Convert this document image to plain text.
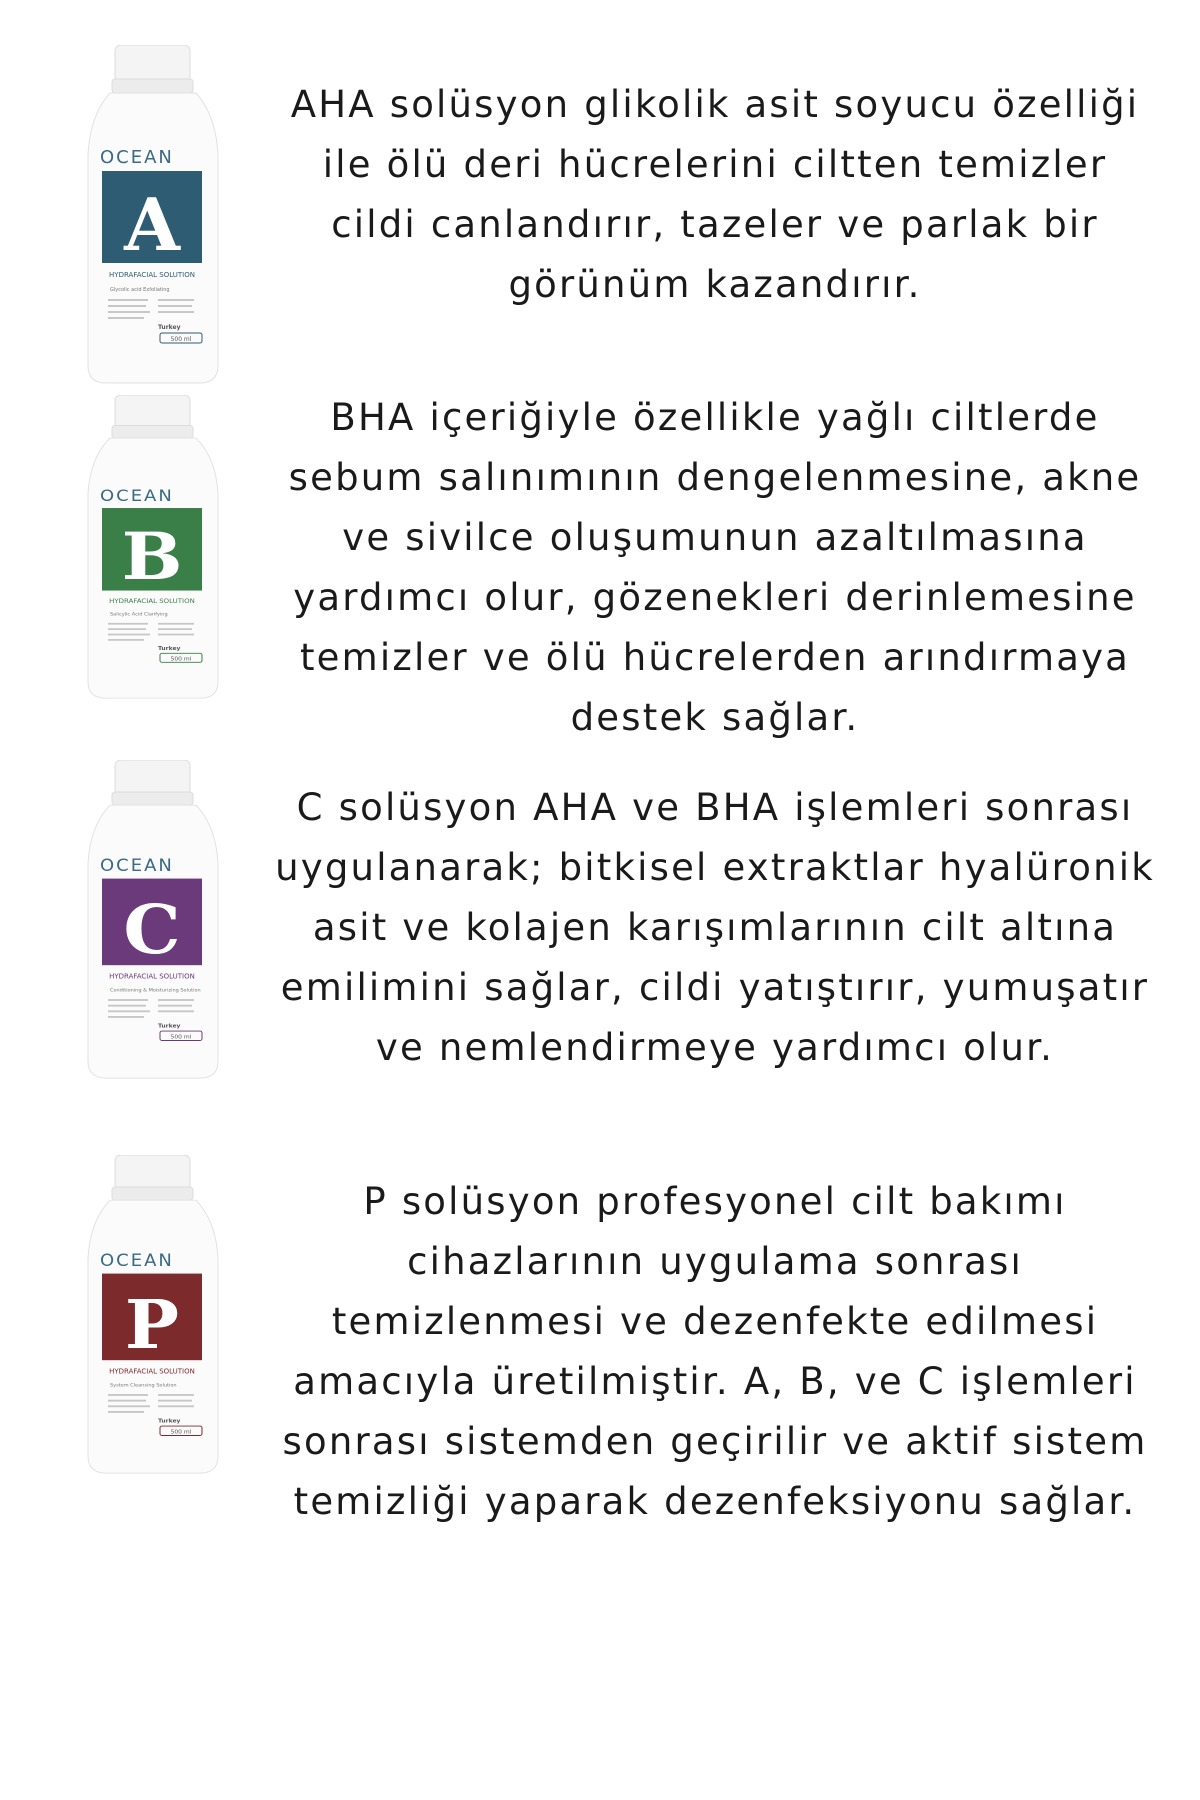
OCEAN
A
HYDRAFACIAL SOLUTION
Glycolic acid Exfoliating
Turkey
500 ml
AHA solüsyon glikolik asit soyucu özelliği ile ölü deri hücrelerini ciltten temizler cildi canlandırır, tazeler ve parlak bir görünüm kazandırır.
OCEAN
B
HYDRAFACIAL SOLUTION
Salicylic Acid Clarifying
Turkey
500 ml
BHA içeriğiyle özellikle yağlı ciltlerde sebum salınımının dengelenmesine, akne ve sivilce oluşumunun azaltılmasına yardımcı olur, gözenekleri derinlemesine temizler ve ölü hücrelerden arındırmaya destek sağlar.
OCEAN
C
HYDRAFACIAL SOLUTION
Conditioning & Moisturizing Solution
Turkey
500 ml
C solüsyon AHA ve BHA işlemleri sonrası uygulanarak; bitkisel extraktlar hyalüronik asit ve kolajen karışımlarının cilt altına emilimini sağlar, cildi yatıştırır, yumuşatır ve nemlendirmeye yardımcı olur.
OCEAN
P
HYDRAFACIAL SOLUTION
System Cleansing Solution
Turkey
500 ml
P solüsyon profesyonel cilt bakımı cihazlarının uygulama sonrası temizlenmesi ve dezenfekte edilmesi amacıyla üretilmiştir. A, B, ve C işlemleri sonrası sistemden geçirilir ve aktif sistem temizliği yaparak dezenfeksiyonu sağlar.
